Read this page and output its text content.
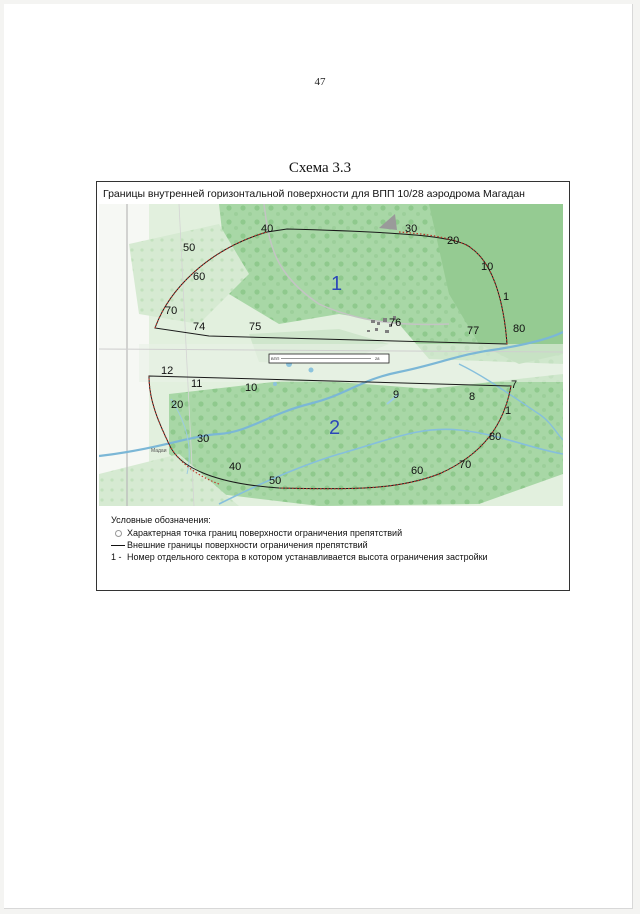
47
Схема 3.3
Границы внутренней горизонтальной поверхности для ВПП 10/28 аэродрома Магадан
ВПП	28
Мадаи
1
2
40	30
20
10
1
80
77
76
75
74
70
60
50
12
11	10
9	8
7
1
80
70
60
50
40
30
20
Условные обозначения:
Характерная точка границ поверхности ограничения препятствий
Внешние границы поверхности ограничения препятствий
1 - Номер отдельного сектора в котором устанавливается высота ограничения застройки
